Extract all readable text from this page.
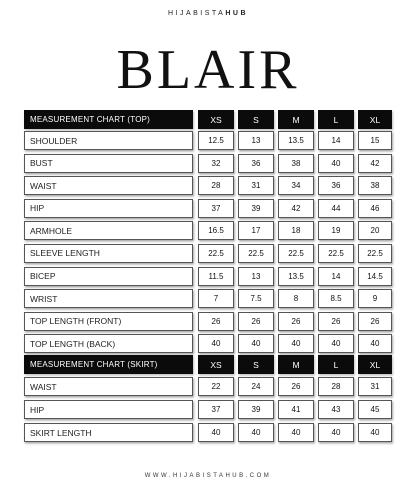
HIJABISTAHUB
BLAIR
MEASUREMENT CHART (TOP)	XS	S	M	L	XL
SHOULDER	12.5	13	13.5	14	15
BUST	32	36	38	40	42
WAIST	28	31	34	36	38
HIP	37	39	42	44	46
ARMHOLE	16.5	17	18	19	20
SLEEVE LENGTH	22.5	22.5	22.5	22.5	22.5
BICEP	11.5	13	13.5	14	14.5
WRIST	7	7.5	8	8.5	9
TOP LENGTH (FRONT)	26	26	26	26	26
TOP LENGTH (BACK)	40	40	40	40	40
MEASUREMENT CHART (SKIRT)	XS	S	M	L	XL
WAIST	22	24	26	28	31
HIP	37	39	41	43	45
SKIRT LENGTH	40	40	40	40	40
WWW.HIJABISTAHUB.COM
